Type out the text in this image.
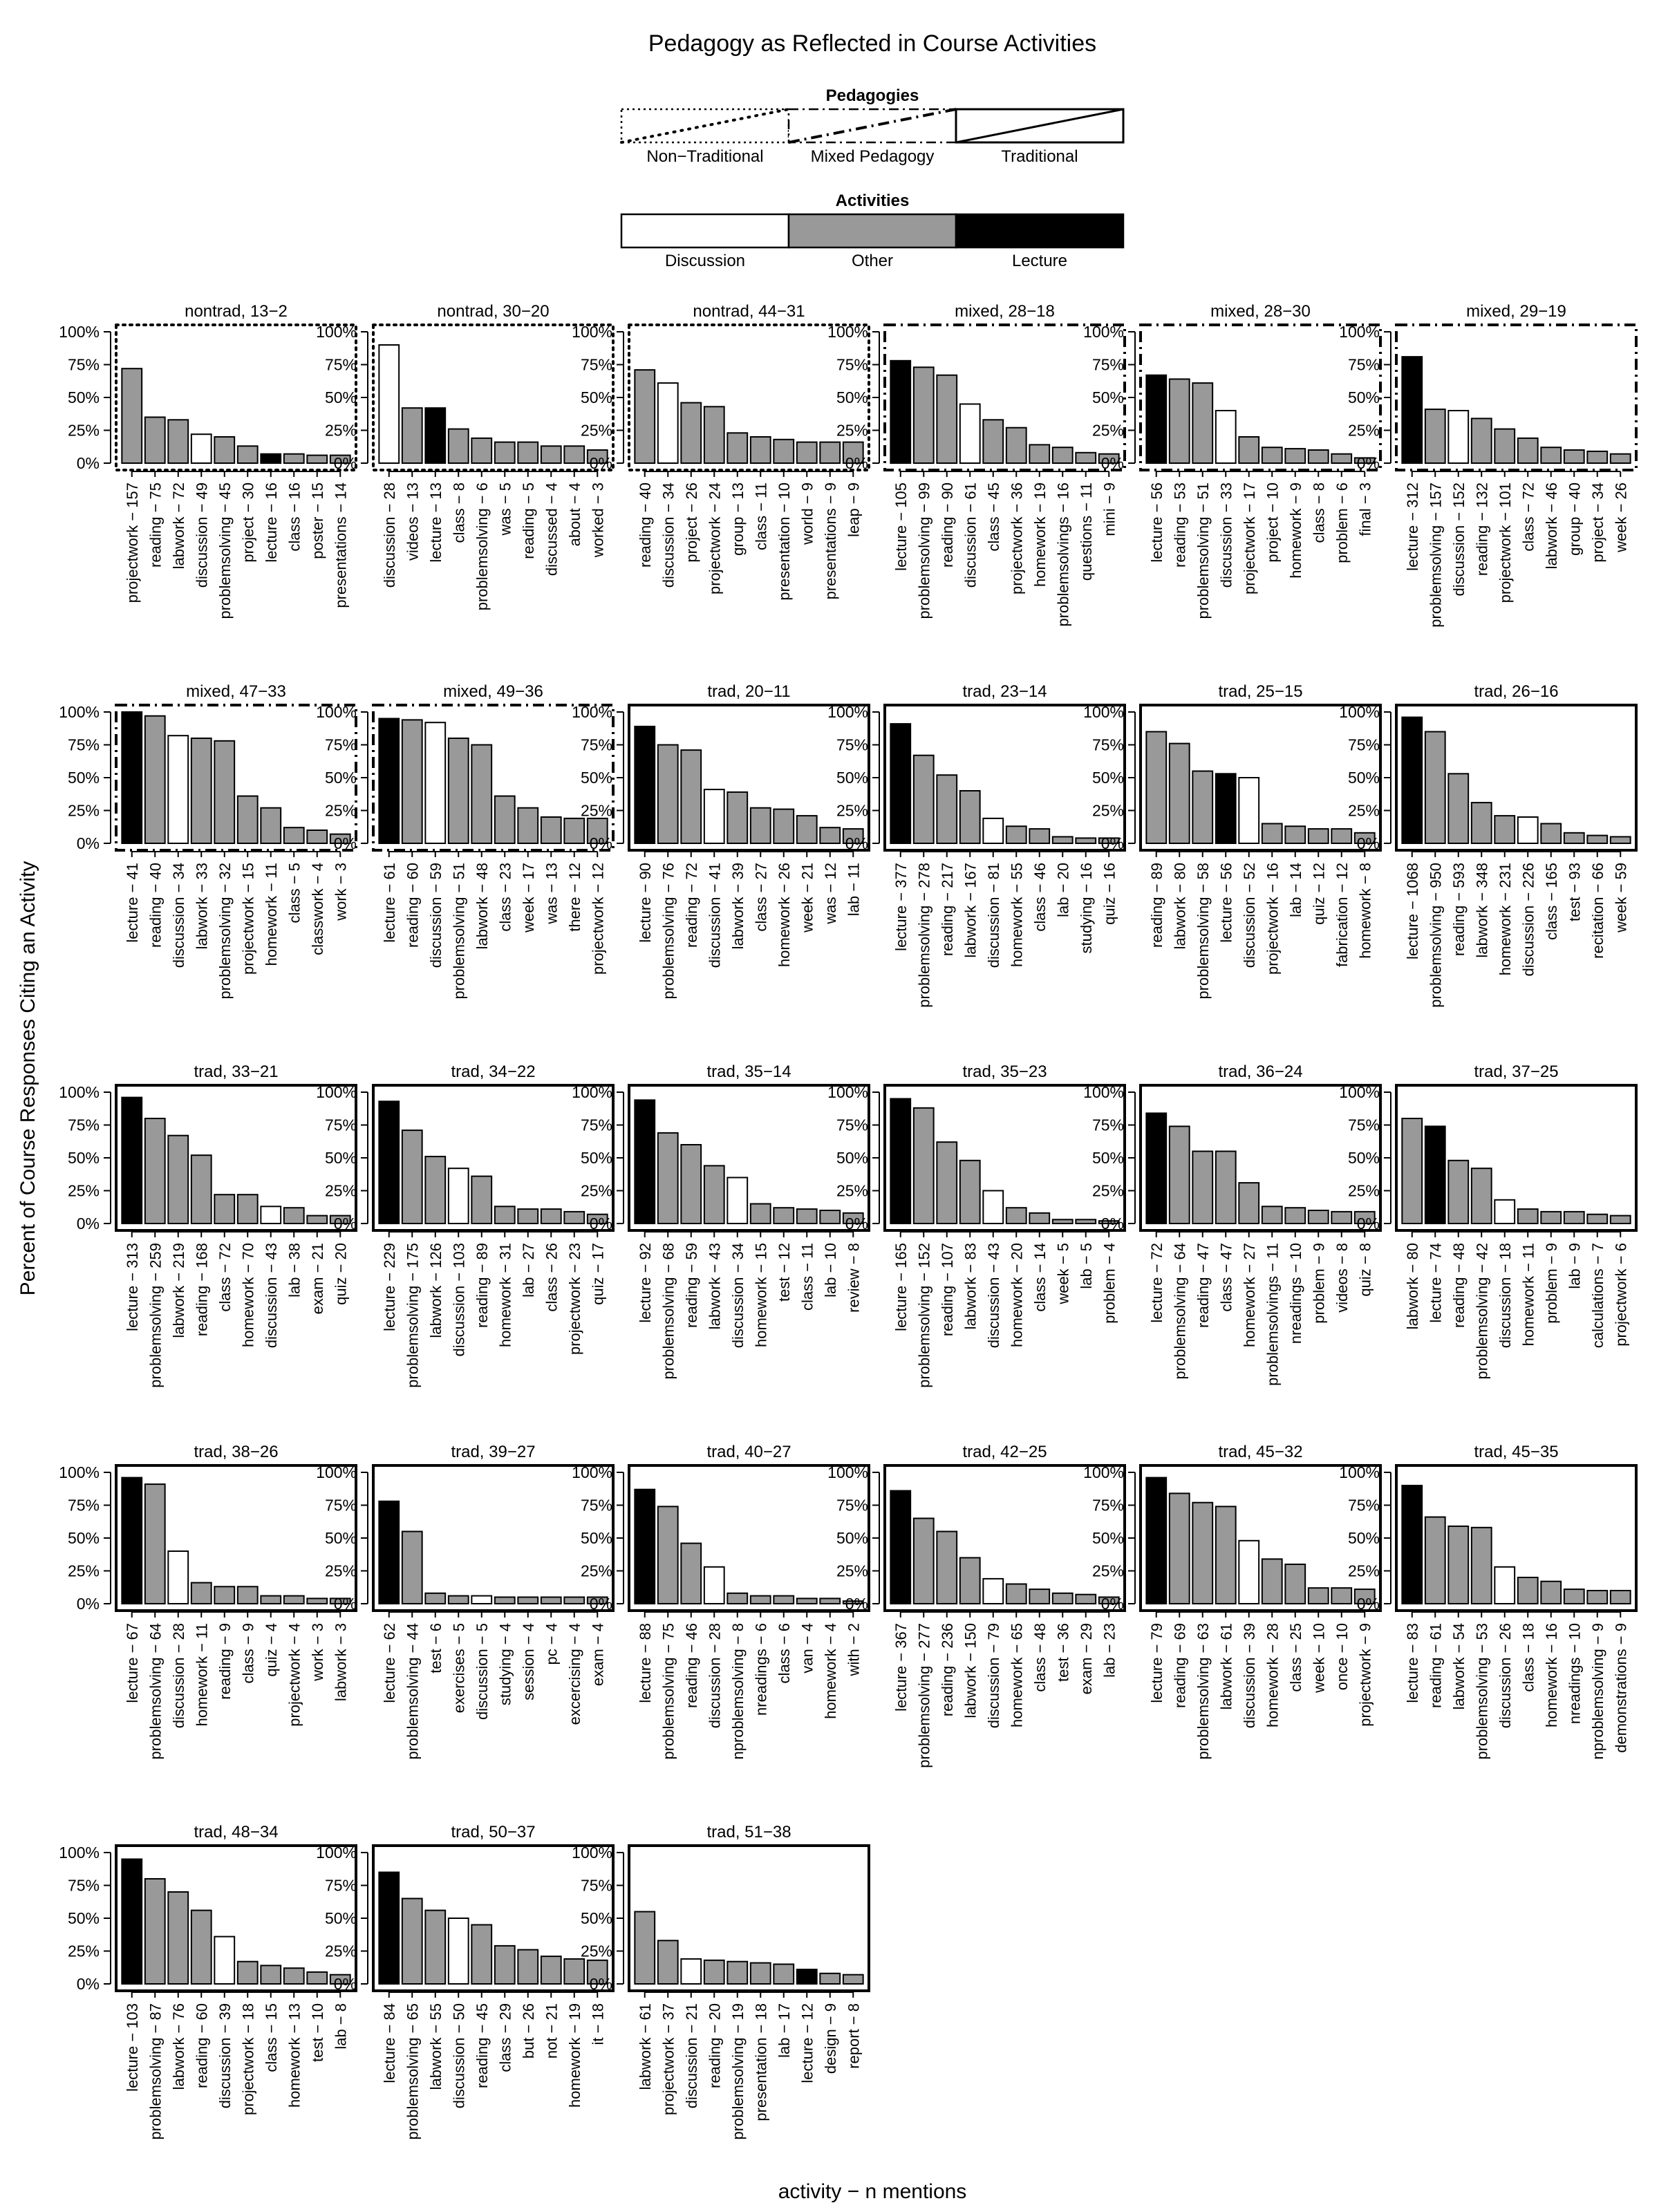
Pedagogy as Reflected in Course Activities
Pedagogies
Non−Traditional	Mixed Pedagogy	Traditional
Activities
Discussion	Other	Lecture
nontrad, 13−2
0%
25%
50%
75%
100%
projectwork − 157 reading − 75 labwork − 72 discussion − 49 problemsolving − 45 project − 30 lecture − 16 class − 16 poster − 15 presentations − 14
nontrad, 30−20
0%
25%
50%
75%
100%
discussion − 28 videos − 13 lecture − 13 class − 8 problemsolving − 6 was − 5 reading − 5 discussed − 4 about − 4 worked − 3
nontrad, 44−31
0%
25%
50%
75%
100%
reading − 40 discussion − 34 project − 26 projectwork − 24 group − 13 class − 11 presentation − 10 world − 9 presentations − 9 leap − 9
mixed, 28−18
0%
25%
50%
75%
100%
lecture − 105 problemsolving − 99 reading − 90 discussion − 61 class − 45 projectwork − 36 homework − 19 problemsolvings − 16 questions − 11 mini − 9
mixed, 28−30
0%
25%
50%
75%
100%
lecture − 56 reading − 53 problemsolving − 51 discussion − 33 projectwork − 17 project − 10 homework − 9 class − 8 problem − 6 final − 3
mixed, 29−19
0%
25%
50%
75%
100%
lecture − 312 problemsolving − 157 discussion − 152 reading − 132 projectwork − 101 class − 72 labwork − 46 group − 40 project − 34 week − 26
mixed, 47−33
0%
25%
50%
75%
100%
lecture − 41 reading − 40 discussion − 34 labwork − 33 problemsolving − 32 projectwork − 15 homework − 11 class − 5 classwork − 4 work − 3
mixed, 49−36
0%
25%
50%
75%
100%
lecture − 61 reading − 60 discussion − 59 problemsolving − 51 labwork − 48 class − 23 week − 17 was − 13 there − 12 projectwork − 12
trad, 20−11
0%
25%
50%
75%
100%
lecture − 90 problemsolving − 76 reading − 72 discussion − 41 labwork − 39 class − 27 homework − 26 week − 21 was − 12 lab − 11
trad, 23−14
0%
25%
50%
75%
100%
lecture − 377 problemsolving − 278 reading − 217 labwork − 167 discussion − 81 homework − 55 class − 46 lab − 20 studying − 16 quiz − 16
trad, 25−15
0%
25%
50%
75%
100%
reading − 89 labwork − 80 problemsolving − 58 lecture − 56 discussion − 52 projectwork − 16 lab − 14 quiz − 12 fabrication − 12 homework − 8
trad, 26−16
0%
25%
50%
75%
100%
lecture − 1068 problemsolving − 950 reading − 593 labwork − 348 homework − 231 discussion − 226 class − 165 test − 93 recitation − 66 week − 59
trad, 33−21
0%
25%
50%
75%
100%
lecture − 313 problemsolving − 259 labwork − 219 reading − 168 class − 72 homework − 70 discussion − 43 lab − 38 exam − 21 quiz − 20
trad, 34−22
0%
25%
50%
75%
100%
lecture − 229 problemsolving − 175 labwork − 126 discussion − 103 reading − 89 homework − 31 lab − 27 class − 26 projectwork − 23 quiz − 17
trad, 35−14
0%
25%
50%
75%
100%
lecture − 92 problemsolving − 68 reading − 59 labwork − 43 discussion − 34 homework − 15 test − 12 class − 11 lab − 10 review − 8
trad, 35−23
0%
25%
50%
75%
100%
lecture − 165 problemsolving − 152 reading − 107 labwork − 83 discussion − 43 homework − 20 class − 14 week − 5 lab − 5 problem − 4
trad, 36−24
0%
25%
50%
75%
100%
lecture − 72 problemsolving − 64 reading − 47 class − 47 homework − 27 problemsolvings − 11 nreadings − 10 problem − 9 videos − 8 quiz − 8
trad, 37−25
0%
25%
50%
75%
100%
labwork − 80 lecture − 74 reading − 48 problemsolving − 42 discussion − 18 homework − 11 problem − 9 lab − 9 calculations − 7 projectwork − 6
trad, 38−26
0%
25%
50%
75%
100%
lecture − 67 problemsolving − 64 discussion − 28 homework − 11 reading − 9 class − 9 quiz − 4 projectwork − 4 work − 3 labwork − 3
trad, 39−27
0%
25%
50%
75%
100%
lecture − 62 problemsolving − 44 test − 6 exercises − 5 discussion − 5 studying − 4 session − 4 pc − 4 excercising − 4 exam − 4
trad, 40−27
0%
25%
50%
75%
100%
lecture − 88 problemsolving − 75 reading − 46 discussion − 28 nproblemsolving − 8 nreadings − 6 class − 6 van − 4 homework − 4 with − 2
trad, 42−25
0%
25%
50%
75%
100%
lecture − 367 problemsolving − 277 reading − 236 labwork − 150 discussion − 79 homework − 65 class − 48 test − 36 exam − 29 lab − 23
trad, 45−32
0%
25%
50%
75%
100%
lecture − 79 reading − 69 problemsolving − 63 labwork − 61 discussion − 39 homework − 28 class − 25 week − 10 once − 10 projectwork − 9
trad, 45−35
0%
25%
50%
75%
100%
lecture − 83 reading − 61 labwork − 54 problemsolving − 53 discussion − 26 class − 18 homework − 16 nreadings − 10 nproblemsolving − 9 demonstrations − 9
trad, 48−34
0%
25%
50%
75%
100%
lecture − 103 problemsolving − 87 labwork − 76 reading − 60 discussion − 39 projectwork − 18 class − 15 homework − 13 test − 10 lab − 8
trad, 50−37
0%
25%
50%
75%
100%
lecture − 84 problemsolving − 65 labwork − 55 discussion − 50 reading − 45 class − 29 but − 26 not − 21 homework − 19 it − 18
trad, 51−38
0%
25%
50%
75%
100%
labwork − 61 projectwork − 37 discussion − 21 reading − 20 problemsolving − 19 presentation − 18 lab − 17 lecture − 12 design − 9 report − 8
Percent of Course Responses Citing an Activity
activity − n mentions
